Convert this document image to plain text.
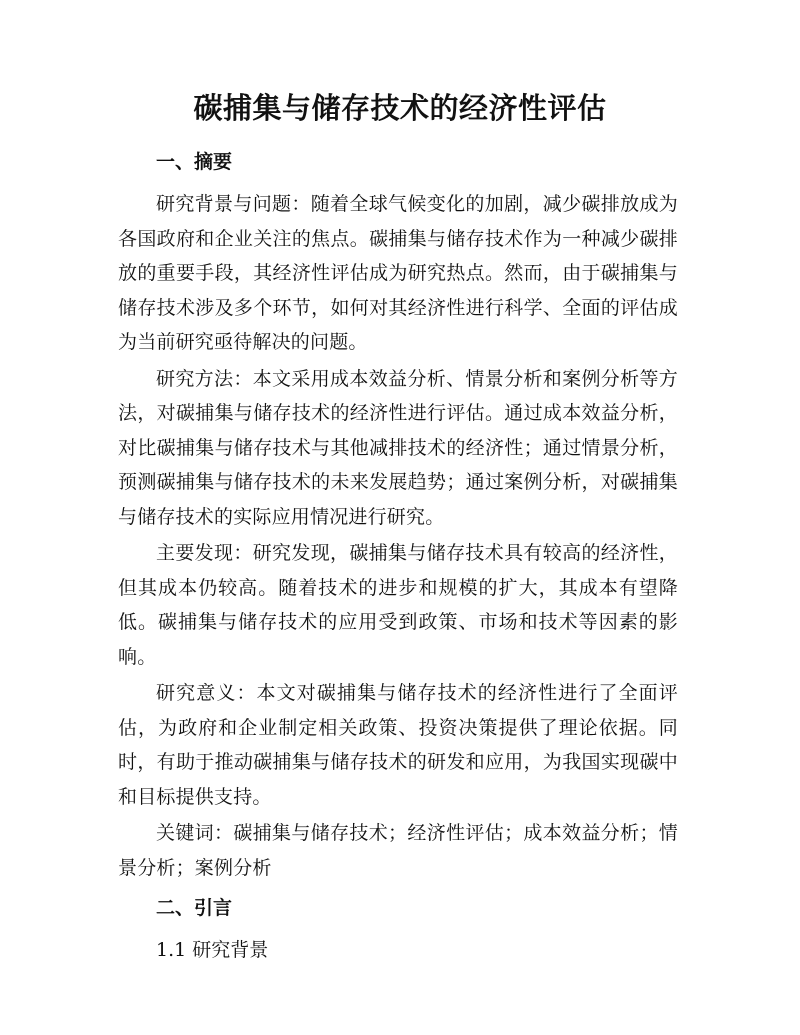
碳捕集与储存技术的经济性评估
一、摘要

研究背景与问题：随着全球气候变化的加剧，减少碳排放成为各国政府和企业关注的焦点。碳捕集与储存技术作为一种减少碳排放的重要手段，其经济性评估成为研究热点。然而，由于碳捕集与储存技术涉及多个环节，如何对其经济性进行科学、全面的评估成为当前研究亟待解决的问题。

研究方法：本文采用成本效益分析、情景分析和案例分析等方法，对碳捕集与储存技术的经济性进行评估。通过成本效益分析，对比碳捕集与储存技术与其他减排技术的经济性；通过情景分析，预测碳捕集与储存技术的未来发展趋势；通过案例分析，对碳捕集与储存技术的实际应用情况进行研究。

主要发现：研究发现，碳捕集与储存技术具有较高的经济性，但其成本仍较高。随着技术的进步和规模的扩大，其成本有望降低。碳捕集与储存技术的应用受到政策、市场和技术等因素的影响。

研究意义：本文对碳捕集与储存技术的经济性进行了全面评估，为政府和企业制定相关政策、投资决策提供了理论依据。同时，有助于推动碳捕集与储存技术的研发和应用，为我国实现碳中和目标提供支持。

关键词：碳捕集与储存技术；经济性评估；成本效益分析；情景分析；案例分析

二、引言

1.1 研究背景
